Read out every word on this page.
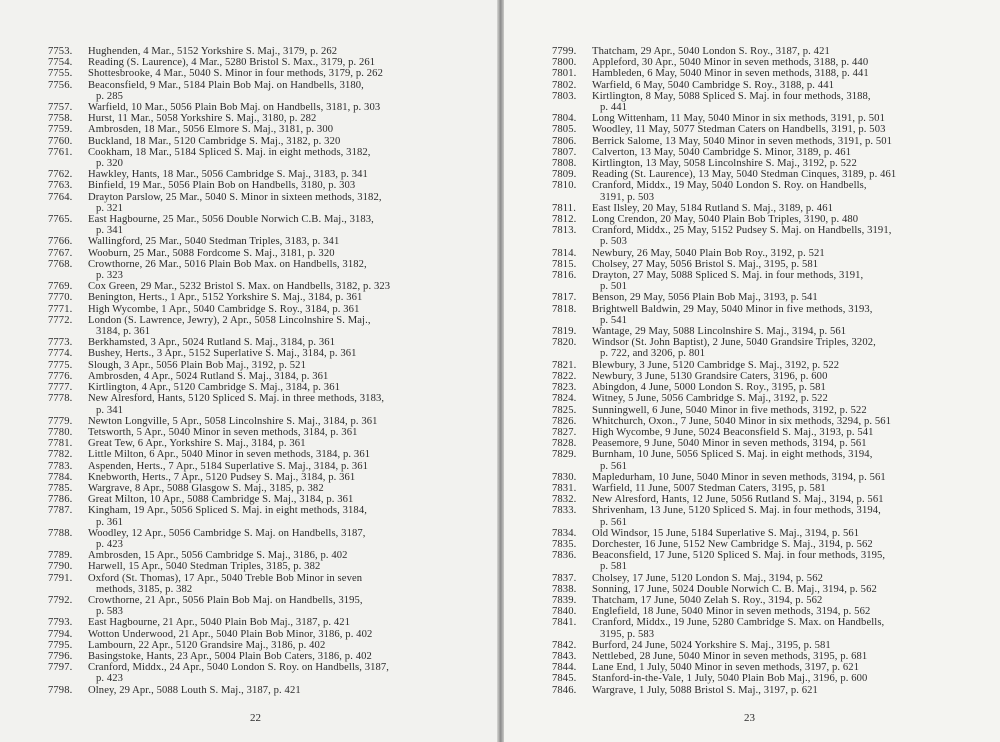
7753.	Hughenden, 4 Mar., 5152 Yorkshire S. Maj., 3179, p. 262
7754.	Reading (S. Laurence), 4 Mar., 5280 Bristol S. Max., 3179, p. 261
7755.	Shottesbrooke, 4 Mar., 5040 S. Minor in four methods, 3179, p. 262
7756.	Beaconsfield, 9 Mar., 5184 Plain Bob Maj. on Handbells, 3180,
p. 285
7757.	Warfield, 10 Mar., 5056 Plain Bob Maj. on Handbells, 3181, p. 303
7758.	Hurst, 11 Mar., 5058 Yorkshire S. Maj., 3180, p. 282
7759.	Ambrosden, 18 Mar., 5056 Elmore S. Maj., 3181, p. 300
7760.	Buckland, 18 Mar., 5120 Cambridge S. Maj., 3182, p. 320
7761.	Cookham, 18 Mar., 5184 Spliced S. Maj. in eight methods, 3182,
p. 320
7762.	Hawkley, Hants, 18 Mar., 5056 Cambridge S. Maj., 3183, p. 341
7763.	Binfield, 19 Mar., 5056 Plain Bob on Handbells, 3180, p. 303
7764.	Drayton Parslow, 25 Mar., 5040 S. Minor in sixteen methods, 3182,
p. 321
7765.	East Hagbourne, 25 Mar., 5056 Double Norwich C.B. Maj., 3183,
p. 341
7766.	Wallingford, 25 Mar., 5040 Stedman Triples, 3183, p. 341
7767.	Wooburn, 25 Mar., 5088 Fordcome S. Maj., 3181, p. 320
7768.	Crowthorne, 26 Mar., 5016 Plain Bob Max. on Handbells, 3182,
p. 323
7769.	Cox Green, 29 Mar., 5232 Bristol S. Max. on Handbells, 3182, p. 323
7770.	Benington, Herts., 1 Apr., 5152 Yorkshire S. Maj., 3184, p. 361
7771.	High Wycombe, 1 Apr., 5040 Cambridge S. Roy., 3184, p. 361
7772.	London (S. Lawrence, Jewry), 2 Apr., 5058 Lincolnshire S. Maj.,
3184, p. 361
7773.	Berkhamsted, 3 Apr., 5024 Rutland S. Maj., 3184, p. 361
7774.	Bushey, Herts., 3 Apr., 5152 Superlative S. Maj., 3184, p. 361
7775.	Slough, 3 Apr., 5056 Plain Bob Maj., 3192, p. 521
7776.	Ambrosden, 4 Apr., 5024 Rutland S. Maj., 3184, p. 361
7777.	Kirtlington, 4 Apr., 5120 Cambridge S. Maj., 3184, p. 361
7778.	New Alresford, Hants, 5120 Spliced S. Maj. in three methods, 3183,
p. 341
7779.	Newton Longville, 5 Apr., 5058 Lincolnshire S. Maj., 3184, p. 361
7780.	Tetsworth, 5 Apr., 5040 Minor in seven methods, 3184, p. 361
7781.	Great Tew, 6 Apr., Yorkshire S. Maj., 3184, p. 361
7782.	Little Milton, 6 Apr., 5040 Minor in seven methods, 3184, p. 361
7783.	Aspenden, Herts., 7 Apr., 5184 Superlative S. Maj., 3184, p. 361
7784.	Knebworth, Herts., 7 Apr., 5120 Pudsey S. Maj., 3184, p. 361
7785.	Wargrave, 8 Apr., 5088 Glasgow S. Maj., 3185, p. 382
7786.	Great Milton, 10 Apr., 5088 Cambridge S. Maj., 3184, p. 361
7787.	Kingham, 19 Apr., 5056 Spliced S. Maj. in eight methods, 3184,
p. 361
7788.	Woodley, 12 Apr., 5056 Cambridge S. Maj. on Handbells, 3187,
p. 423
7789.	Ambrosden, 15 Apr., 5056 Cambridge S. Maj., 3186, p. 402
7790.	Harwell, 15 Apr., 5040 Stedman Triples, 3185, p. 382
7791.	Oxford (St. Thomas), 17 Apr., 5040 Treble Bob Minor in seven
methods, 3185, p. 382
7792.	Crowthorne, 21 Apr., 5056 Plain Bob Maj. on Handbells, 3195,
p. 583
7793.	East Hagbourne, 21 Apr., 5040 Plain Bob Maj., 3187, p. 421
7794.	Wotton Underwood, 21 Apr., 5040 Plain Bob Minor, 3186, p. 402
7795.	Lambourn, 22 Apr., 5120 Grandsire Maj., 3186, p. 402
7796.	Basingstoke, Hants, 23 Apr., 5004 Plain Bob Caters, 3186, p. 402
7797.	Cranford, Middx., 24 Apr., 5040 London S. Roy. on Handbells, 3187,
p. 423
7798.	Olney, 29 Apr., 5088 Louth S. Maj., 3187, p. 421
22
7799.	Thatcham, 29 Apr., 5040 London S. Roy., 3187, p. 421
7800.	Appleford, 30 Apr., 5040 Minor in seven methods, 3188, p. 440
7801.	Hambleden, 6 May, 5040 Minor in seven methods, 3188, p. 441
7802.	Warfield, 6 May, 5040 Cambridge S. Roy., 3188, p. 441
7803.	Kirtlington, 8 May, 5088 Spliced S. Maj. in four methods, 3188,
p. 441
7804.	Long Wittenham, 11 May, 5040 Minor in six methods, 3191, p. 501
7805.	Woodley, 11 May, 5077 Stedman Caters on Handbells, 3191, p. 503
7806.	Berrick Salome, 13 May, 5040 Minor in seven methods, 3191, p. 501
7807.	Calverton, 13 May, 5040 Cambridge S. Minor, 3189, p. 461
7808.	Kirtlington, 13 May, 5058 Lincolnshire S. Maj., 3192, p. 522
7809.	Reading (St. Laurence), 13 May, 5040 Stedman Cinques, 3189, p. 461
7810.	Cranford, Middx., 19 May, 5040 London S. Roy. on Handbells,
3191, p. 503
7811.	East Ilsley, 20 May, 5184 Rutland S. Maj., 3189, p. 461
7812.	Long Crendon, 20 May, 5040 Plain Bob Triples, 3190, p. 480
7813.	Cranford, Middx., 25 May, 5152 Pudsey S. Maj. on Handbells, 3191,
p. 503
7814.	Newbury, 26 May, 5040 Plain Bob Roy., 3192, p. 521
7815.	Cholsey, 27 May, 5056 Bristol S. Maj., 3195, p. 581
7816.	Drayton, 27 May, 5088 Spliced S. Maj. in four methods, 3191,
p. 501
7817.	Benson, 29 May, 5056 Plain Bob Maj., 3193, p. 541
7818.	Brightwell Baldwin, 29 May, 5040 Minor in five methods, 3193,
p. 541
7819.	Wantage, 29 May, 5088 Lincolnshire S. Maj., 3194, p. 561
7820.	Windsor (St. John Baptist), 2 June, 5040 Grandsire Triples, 3202,
p. 722, and 3206, p. 801
7821.	Blewbury, 3 June, 5120 Cambridge S. Maj., 3192, p. 522
7822.	Newbury, 3 June, 5130 Grandsire Caters, 3196, p. 600
7823.	Abingdon, 4 June, 5000 London S. Roy., 3195, p. 581
7824.	Witney, 5 June, 5056 Cambridge S. Maj., 3192, p. 522
7825.	Sunningwell, 6 June, 5040 Minor in five methods, 3192, p. 522
7826.	Whitchurch, Oxon., 7 June, 5040 Minor in six methods, 3294, p. 561
7827.	High Wycombe, 9 June, 5024 Beaconsfield S. Maj., 3193, p. 541
7828.	Peasemore, 9 June, 5040 Minor in seven methods, 3194, p. 561
7829.	Burnham, 10 June, 5056 Spliced S. Maj. in eight methods, 3194,
p. 561
7830.	Mapledurham, 10 June, 5040 Minor in seven methods, 3194, p. 561
7831.	Warfield, 11 June, 5007 Stedman Caters, 3195, p. 581
7832.	New Alresford, Hants, 12 June, 5056 Rutland S. Maj., 3194, p. 561
7833.	Shrivenham, 13 June, 5120 Spliced S. Maj. in four methods, 3194,
p. 561
7834.	Old Windsor, 15 June, 5184 Superlative S. Maj., 3194, p. 561
7835.	Dorchester, 16 June, 5152 New Cambridge S. Maj., 3194, p. 562
7836.	Beaconsfield, 17 June, 5120 Spliced S. Maj. in four methods, 3195,
p. 581
7837.	Cholsey, 17 June, 5120 London S. Maj., 3194, p. 562
7838.	Sonning, 17 June, 5024 Double Norwich C. B. Maj., 3194, p. 562
7839.	Thatcham, 17 June, 5040 Zelah S. Roy., 3194, p. 562
7840.	Englefield, 18 June, 5040 Minor in seven methods, 3194, p. 562
7841.	Cranford, Middx., 19 June, 5280 Cambridge S. Max. on Handbells,
3195, p. 583
7842.	Burford, 24 June, 5024 Yorkshire S. Maj., 3195, p. 581
7843.	Nettlebed, 28 June, 5040 Minor in seven methods, 3195, p. 681
7844.	Lane End, 1 July, 5040 Minor in seven methods, 3197, p. 621
7845.	Stanford-in-the-Vale, 1 July, 5040 Plain Bob Maj., 3196, p. 600
7846.	Wargrave, 1 July, 5088 Bristol S. Maj., 3197, p. 621
23
